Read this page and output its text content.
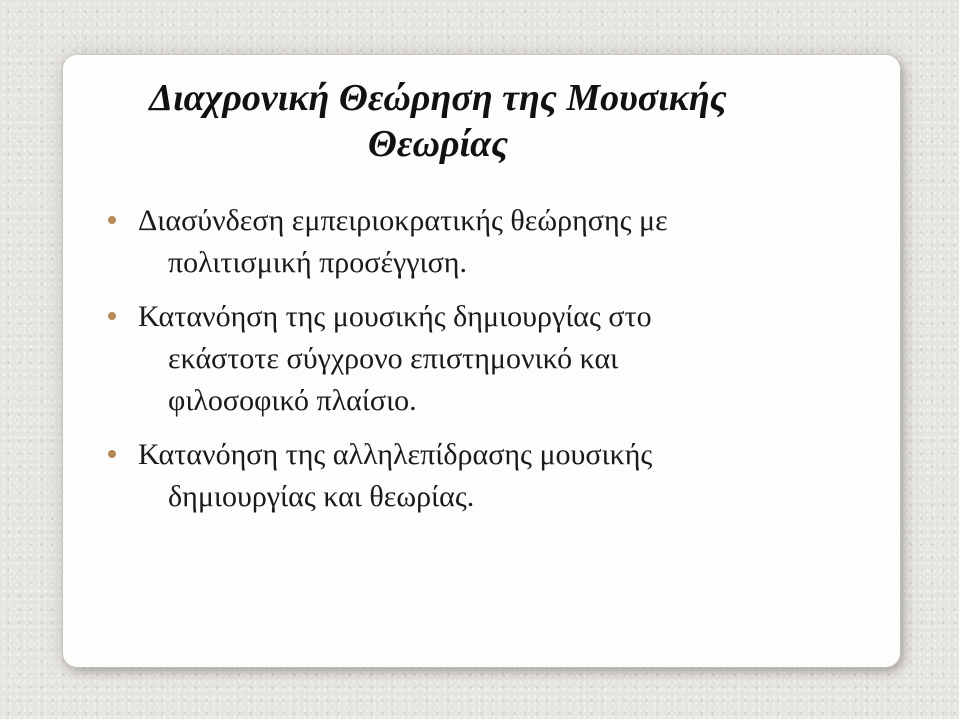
Διαχρονική Θεώρηση της Μουσικής
Θεωρίας
Διασύνδεση εμπειριοκρατικής θεώρησης με
πολιτισμική προσέγγιση.
Κατανόηση της μουσικής δημιουργίας στο
εκάστοτε σύγχρονο επιστημονικό και
φιλοσοφικό πλαίσιο.
Κατανόηση της αλληλεπίδρασης μουσικής
δημιουργίας και θεωρίας.
